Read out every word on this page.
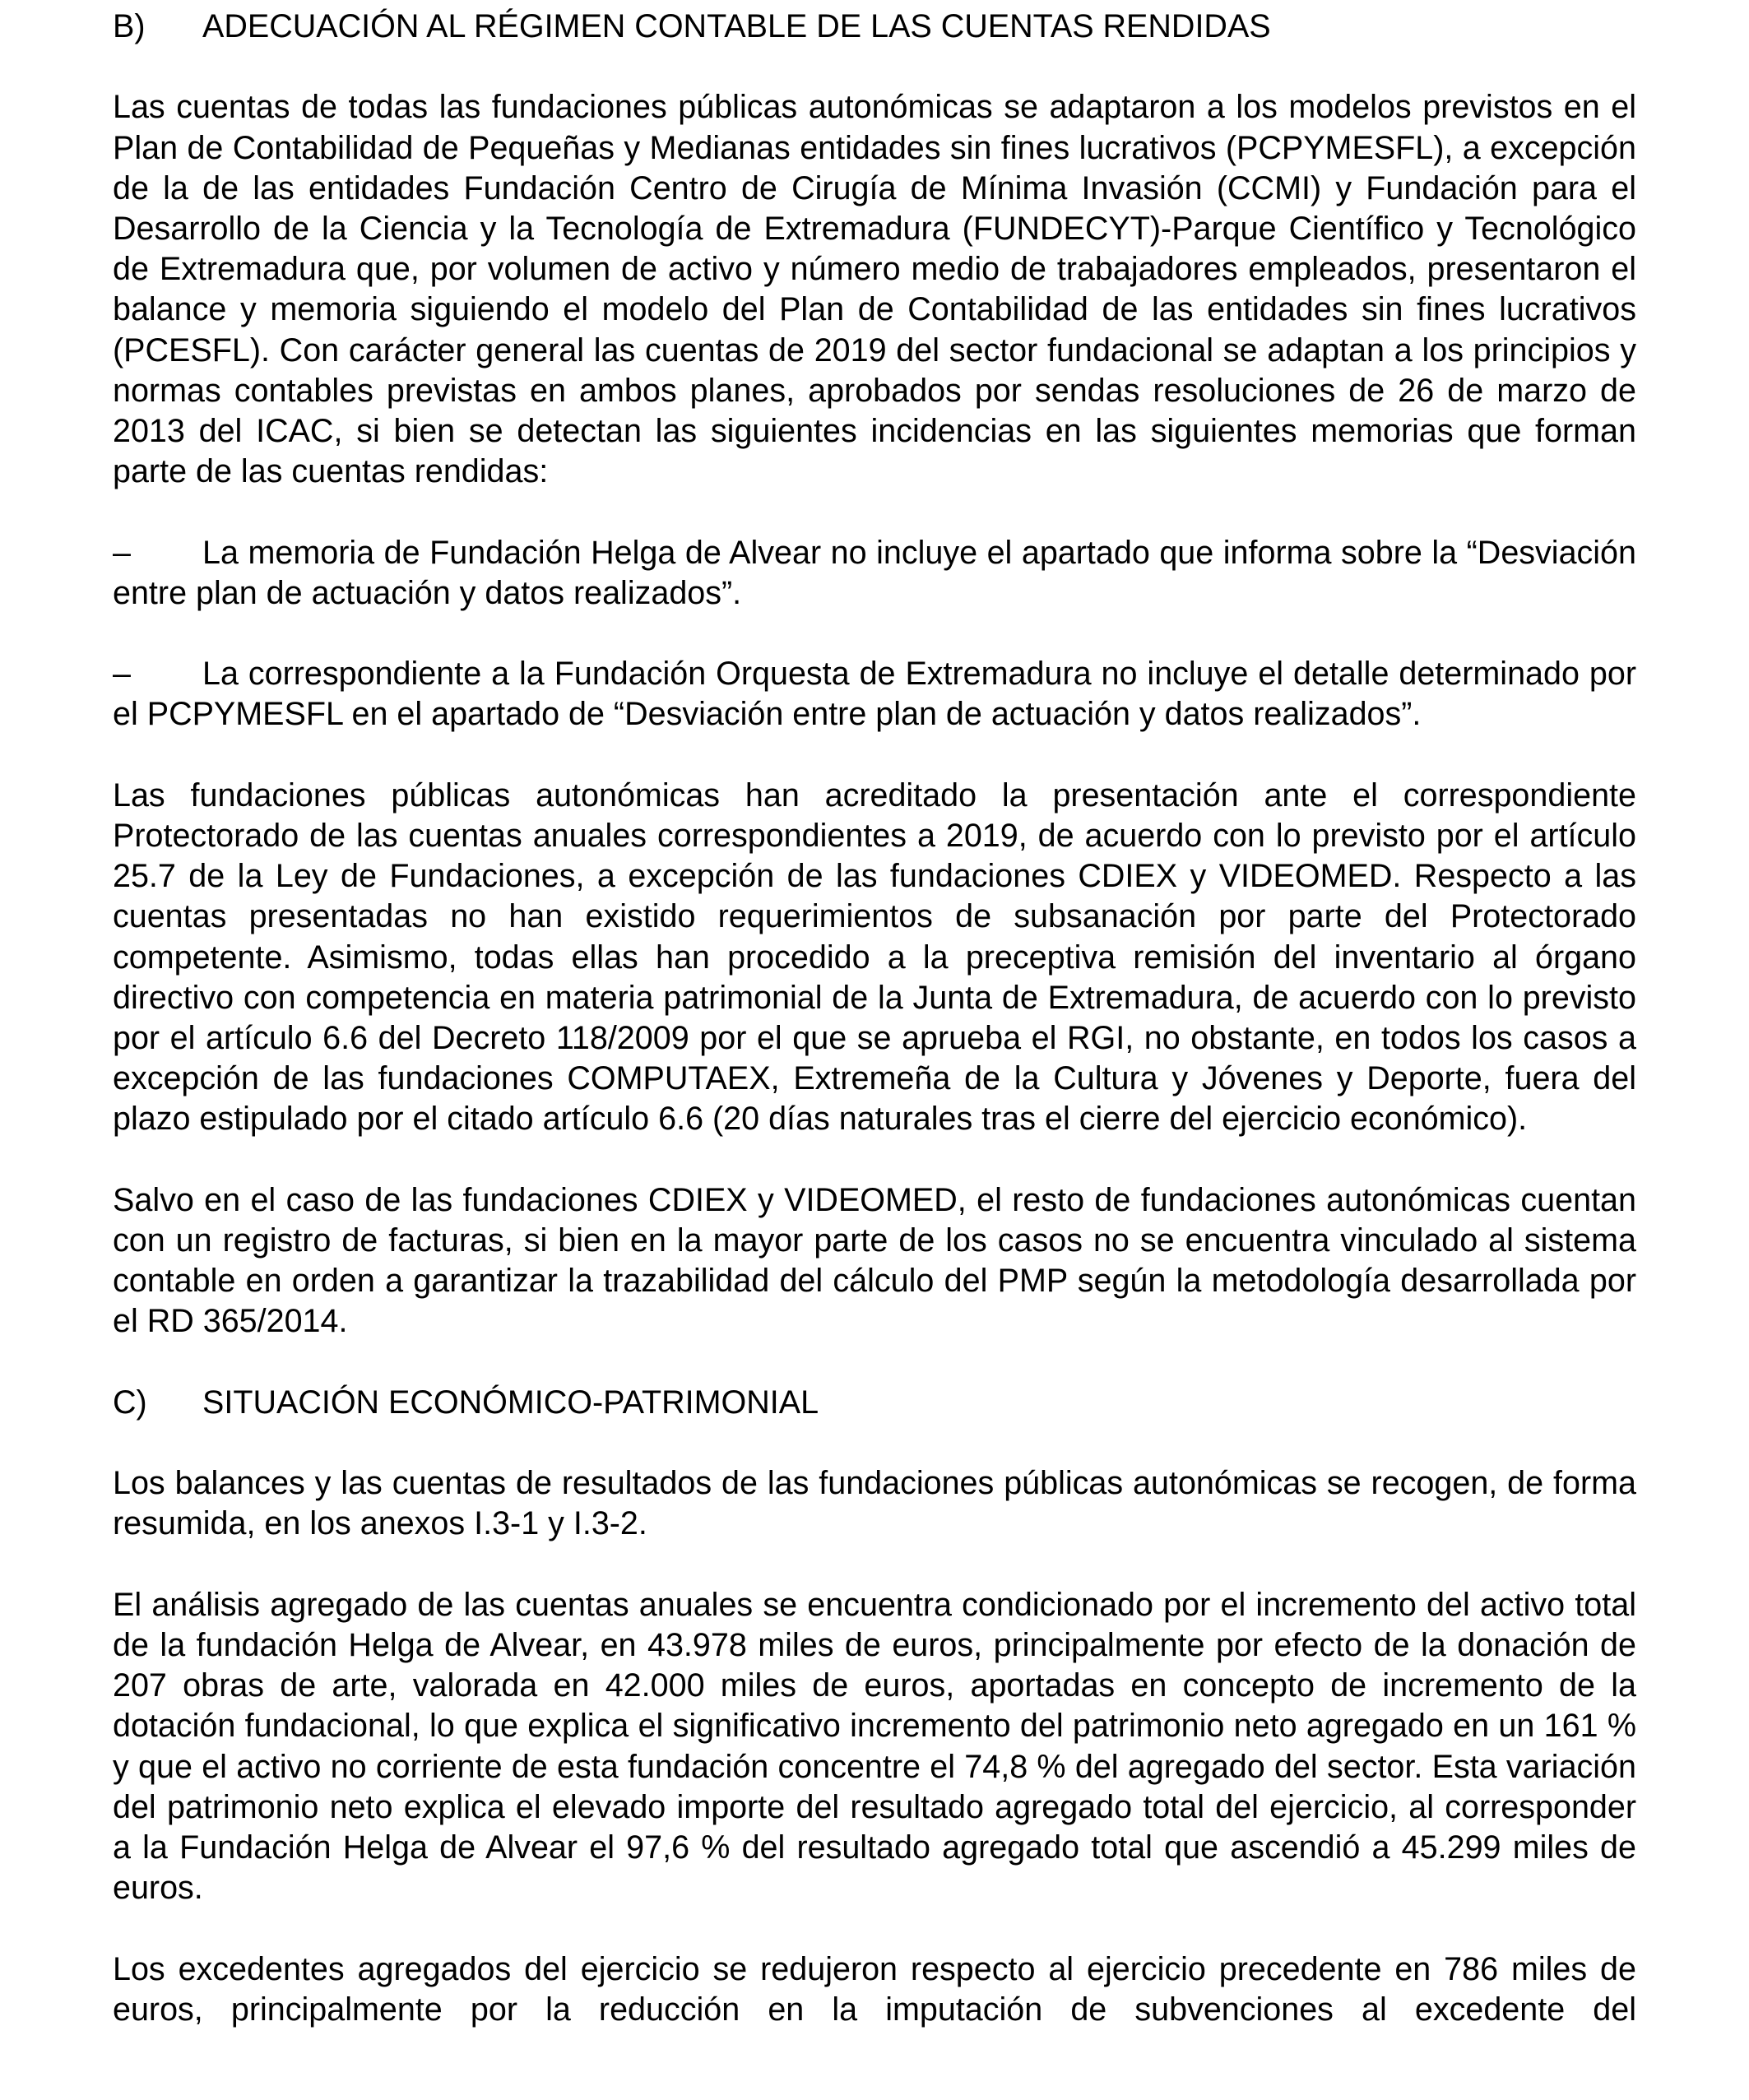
B)	ADECUACIÓN AL RÉGIMEN CONTABLE DE LAS CUENTAS RENDIDAS

Las cuentas de todas las fundaciones públicas autonómicas se adaptaron a los modelos previstos en el Plan de Contabilidad de Pequeñas y Medianas entidades sin fines lucrativos (PCPYMESFL), a excepción de la de las entidades Fundación Centro de Cirugía de Mínima Invasión (CCMI) y Fundación para el Desarrollo de la Ciencia y la Tecnología de Extremadura (FUNDECYT)-Parque Científico y Tecnológico de Extremadura que, por volumen de activo y número medio de trabajadores empleados, presentaron el balance y memoria siguiendo el modelo del Plan de Contabilidad de las entidades sin fines lucrativos (PCESFL). Con carácter general las cuentas de 2019 del sector fundacional se adaptan a los principios y normas contables previstas en ambos planes, aprobados por sendas resoluciones de 26 de marzo de 2013 del ICAC, si bien se detectan las siguientes incidencias en las siguientes memorias que forman parte de las cuentas rendidas:

– La memoria de Fundación Helga de Alvear no incluye el apartado que informa sobre la “Desviación entre plan de actuación y datos realizados”.

– La correspondiente a la Fundación Orquesta de Extremadura no incluye el detalle determinado por el PCPYMESFL en el apartado de “Desviación entre plan de actuación y datos realizados”.

Las fundaciones públicas autonómicas han acreditado la presentación ante el correspondiente Protectorado de las cuentas anuales correspondientes a 2019, de acuerdo con lo previsto por el artículo 25.7 de la Ley de Fundaciones, a excepción de las fundaciones CDIEX y VIDEOMED. Respecto a las cuentas presentadas no han existido requerimientos de subsanación por parte del Protectorado competente. Asimismo, todas ellas han procedido a la preceptiva remisión del inventario al órgano directivo con competencia en materia patrimonial de la Junta de Extremadura, de acuerdo con lo previsto por el artículo 6.6 del Decreto 118/2009 por el que se aprueba el RGI, no obstante, en todos los casos a excepción de las fundaciones COMPUTAEX, Extremeña de la Cultura y Jóvenes y Deporte, fuera del plazo estipulado por el citado artículo 6.6 (20 días naturales tras el cierre del ejercicio económico).

Salvo en el caso de las fundaciones CDIEX y VIDEOMED, el resto de fundaciones autonómicas cuentan con un registro de facturas, si bien en la mayor parte de los casos no se encuentra vinculado al sistema contable en orden a garantizar la trazabilidad del cálculo del PMP según la metodología desarrollada por el RD 365/2014.

C)	SITUACIÓN ECONÓMICO-PATRIMONIAL

Los balances y las cuentas de resultados de las fundaciones públicas autonómicas se recogen, de forma resumida, en los anexos I.3-1 y I.3-2.

El análisis agregado de las cuentas anuales se encuentra condicionado por el incremento del activo total de la fundación Helga de Alvear, en 43.978 miles de euros, principalmente por efecto de la donación de 207 obras de arte, valorada en 42.000 miles de euros, aportadas en concepto de incremento de la dotación fundacional, lo que explica el significativo incremento del patrimonio neto agregado en un 161 % y que el activo no corriente de esta fundación concentre el 74,8 % del agregado del sector. Esta variación del patrimonio neto explica el elevado importe del resultado agregado total del ejercicio, al corresponder a la Fundación Helga de Alvear el 97,6 % del resultado agregado total que ascendió a 45.299 miles de euros.

Los excedentes agregados del ejercicio se redujeron respecto al ejercicio precedente en 786 miles de euros, principalmente por la reducción en la imputación de subvenciones al excedente del
